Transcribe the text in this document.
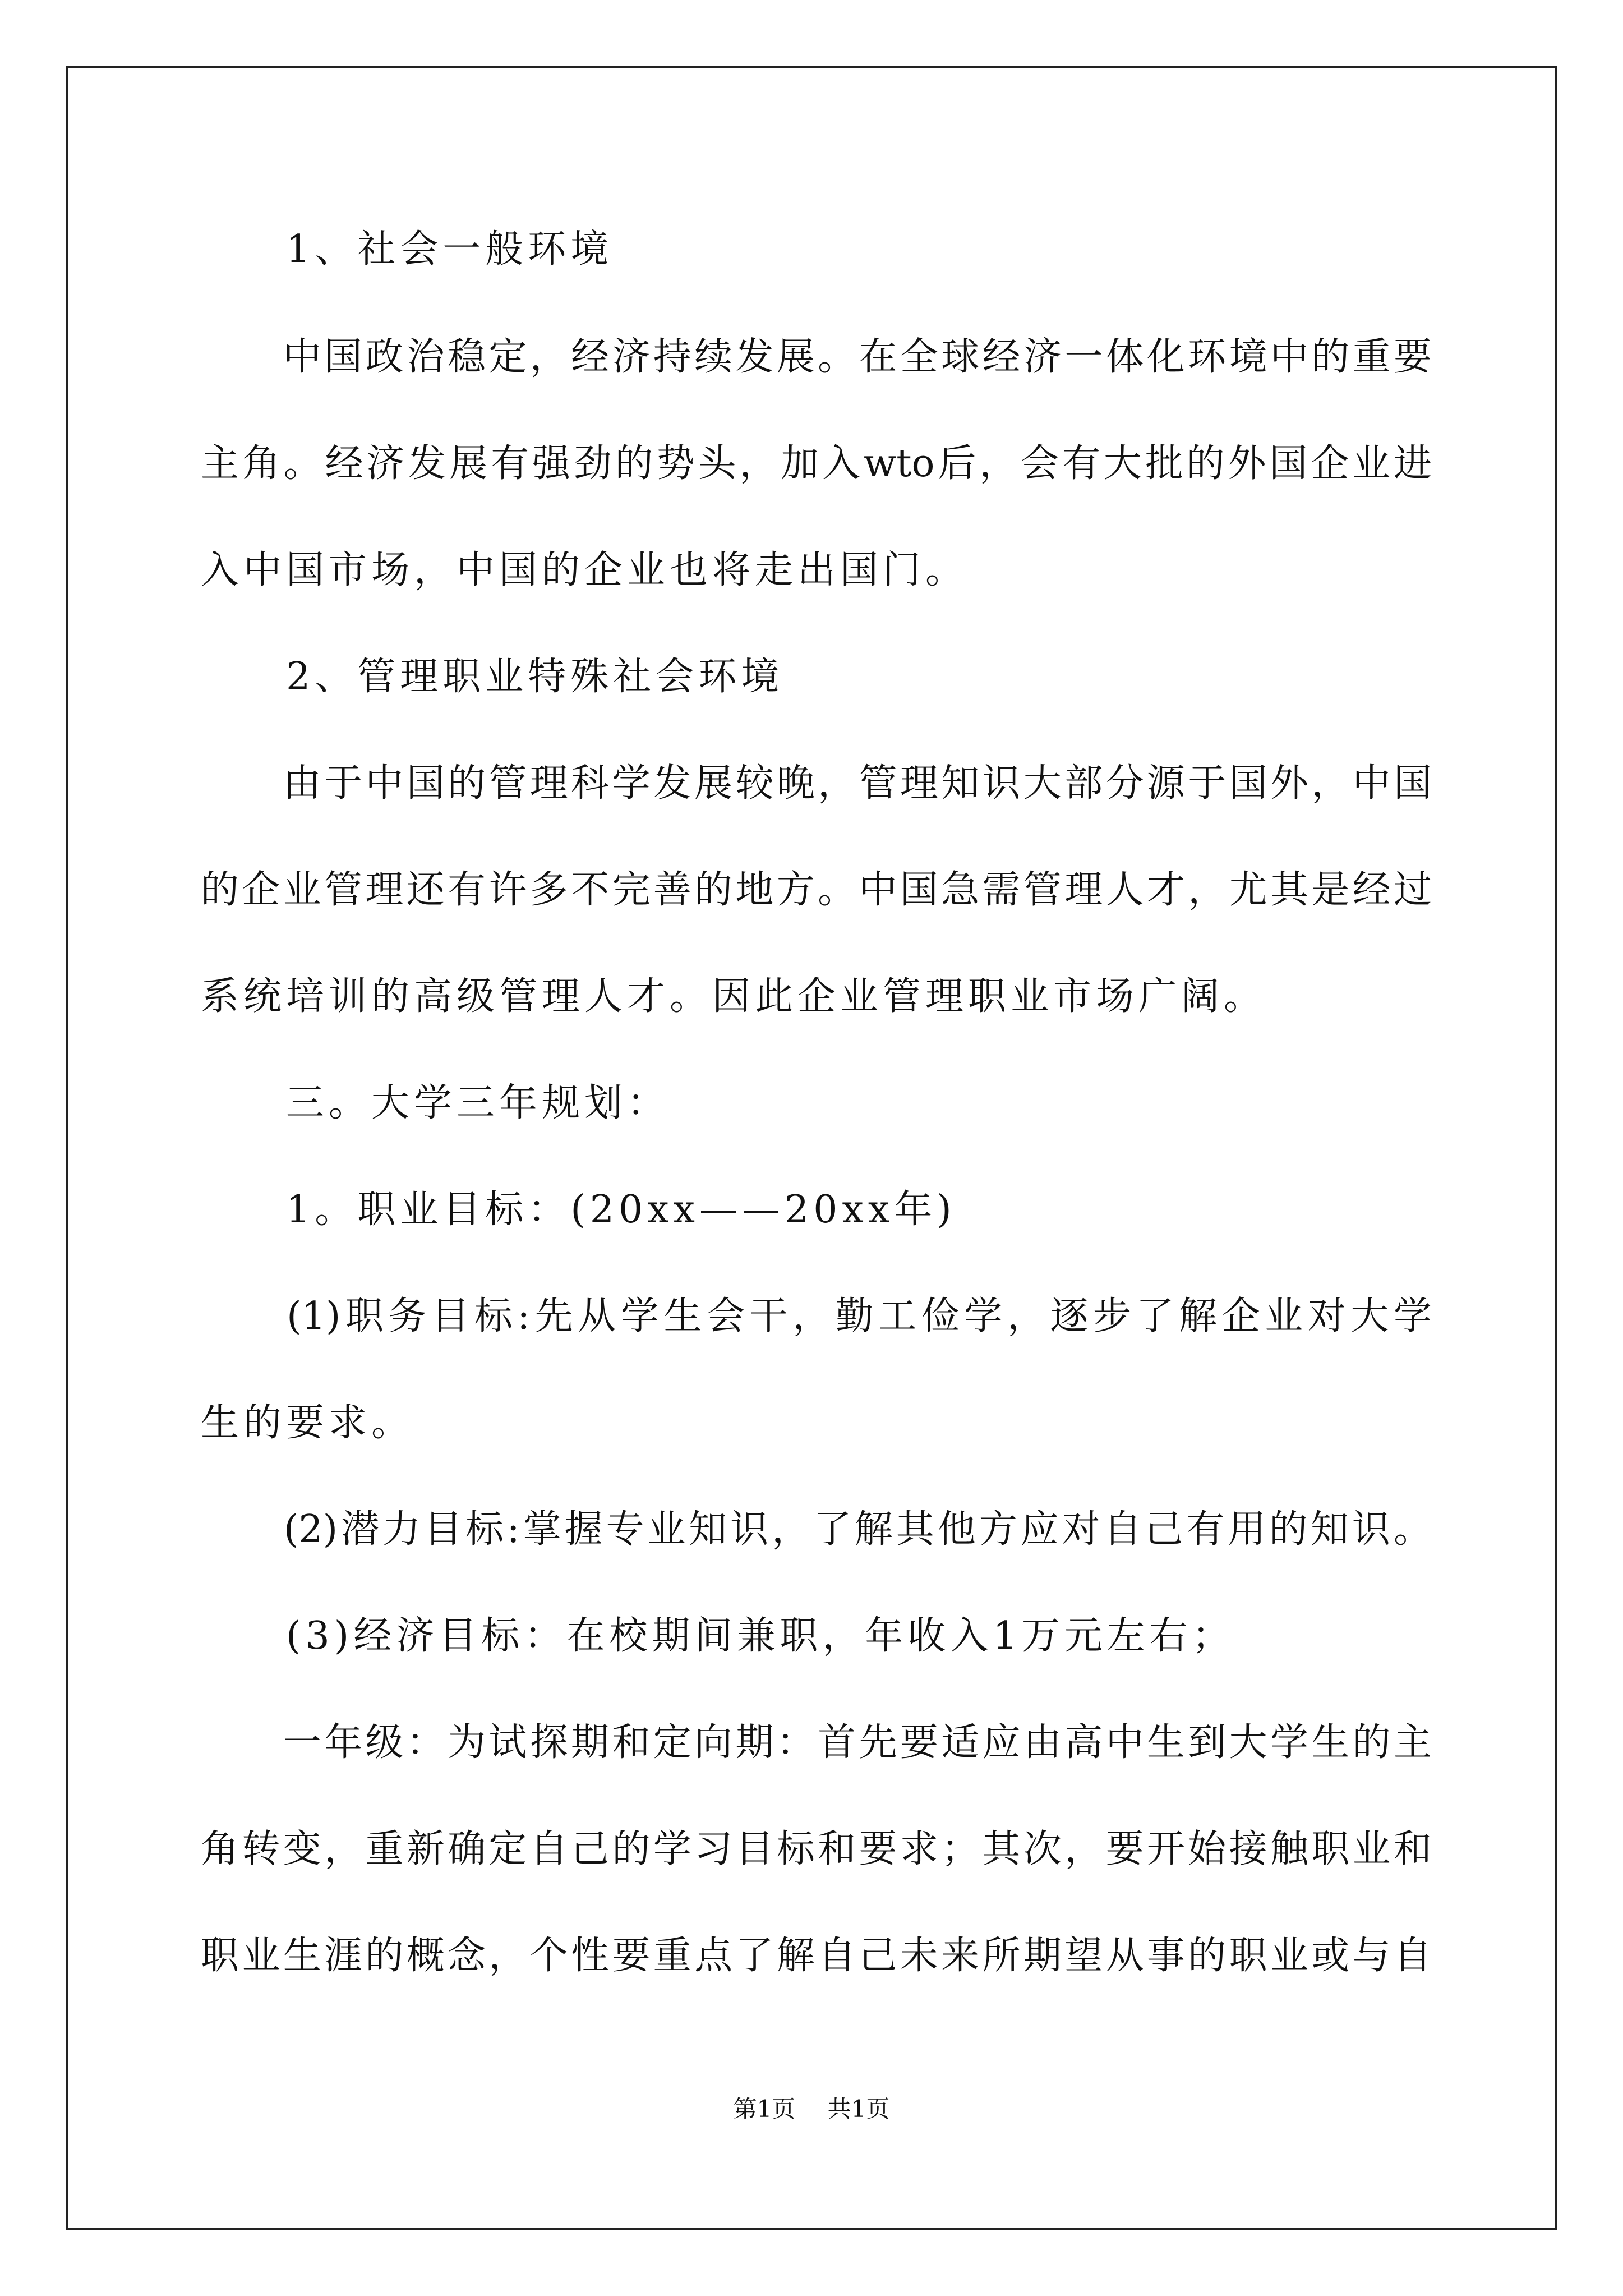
　　1、社会一般环境
　　中国政治稳定，经济持续发展。在全球经济一体化环境中的重要
主角。经济发展有强劲的势头，加入wto后，会有大批的外国企业进
入中国市场，中国的企业也将走出国门。
　　2、管理职业特殊社会环境
　　由于中国的管理科学发展较晚，管理知识大部分源于国外，中国
的企业管理还有许多不完善的地方。中国急需管理人才，尤其是经过
系统培训的高级管理人才。因此企业管理职业市场广阔。
　　三。大学三年规划：
　　1。职业目标：(20xx——20xx年)
　　(1)职务目标:先从学生会干，勤工俭学，逐步了解企业对大学
生的要求。
　　(2)潜力目标:掌握专业知识，了解其他方应对自己有用的知识。
　　(3)经济目标：在校期间兼职，年收入1万元左右；
　　一年级：为试探期和定向期：首先要适应由高中生到大学生的主
角转变，重新确定自己的学习目标和要求；其次，要开始接触职业和
职业生涯的概念，个性要重点了解自己未来所期望从事的职业或与自
第1页 共1页
